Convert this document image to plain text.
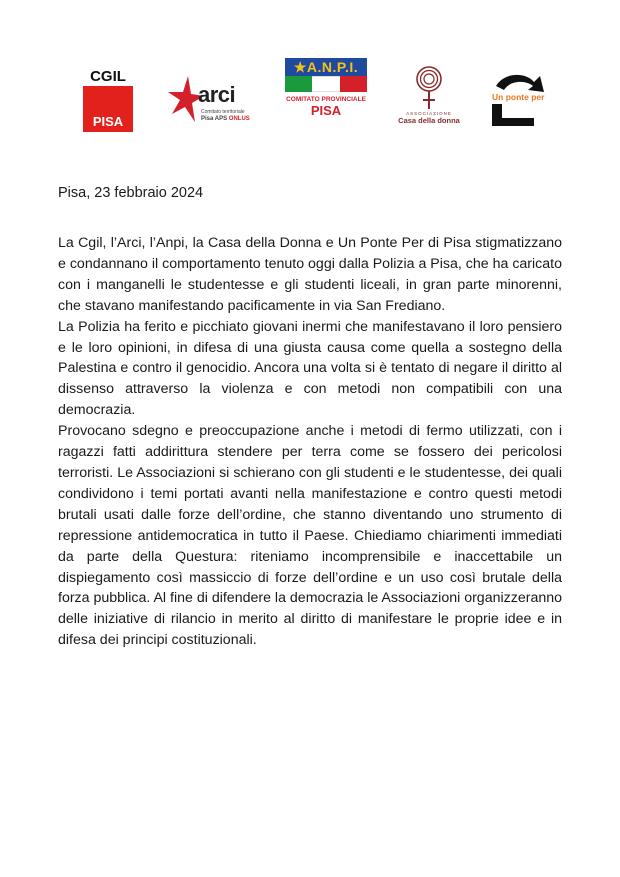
CGIL
PISA
arci
Comitato territoriale
Pisa APS ONLUS
★A.N.P.I.
COMITATO PROVINCIALE
PISA	ASSOCIAZIONE
Casa della donna
Un ponte per
Pisa, 23 febbraio 2024

La Cgil, l’Arci, l’Anpi, la Casa della Donna e Un Ponte Per di Pisa stigmatizzano e condannano il comportamento tenuto oggi dalla Polizia a Pisa, che ha caricato con i manganelli le studentesse e gli studenti liceali, in gran parte minorenni, che stavano manifestando pacificamente in via San Frediano.

La Polizia ha ferito e picchiato giovani inermi che manifestavano il loro pensiero e le loro opinioni, in difesa di una giusta causa come quella a sostegno della Palestina e contro il genocidio. Ancora una volta si è tentato di negare il diritto al dissenso attraverso la violenza e con metodi non compatibili con una democrazia.

Provocano sdegno e preoccupazione anche i metodi di fermo utilizzati, con i ragazzi fatti addirittura stendere per terra come se fossero dei pericolosi terroristi. Le Associazioni si schierano con gli studenti e le studentesse, dei quali condividono i temi portati avanti nella manifestazione e contro questi metodi brutali usati dalle forze dell’ordine, che stanno diventando uno strumento di repressione antidemocratica in tutto il Paese. Chiediamo chiarimenti immediati da parte della Questura: riteniamo incomprensibile e inaccettabile un dispiegamento così massiccio di forze dell’ordine e un uso così brutale della forza pubblica. Al fine di difendere la democrazia le Associazioni organizzeranno delle iniziative di rilancio in merito al diritto di manifestare le proprie idee e in difesa dei principi costituzionali.
